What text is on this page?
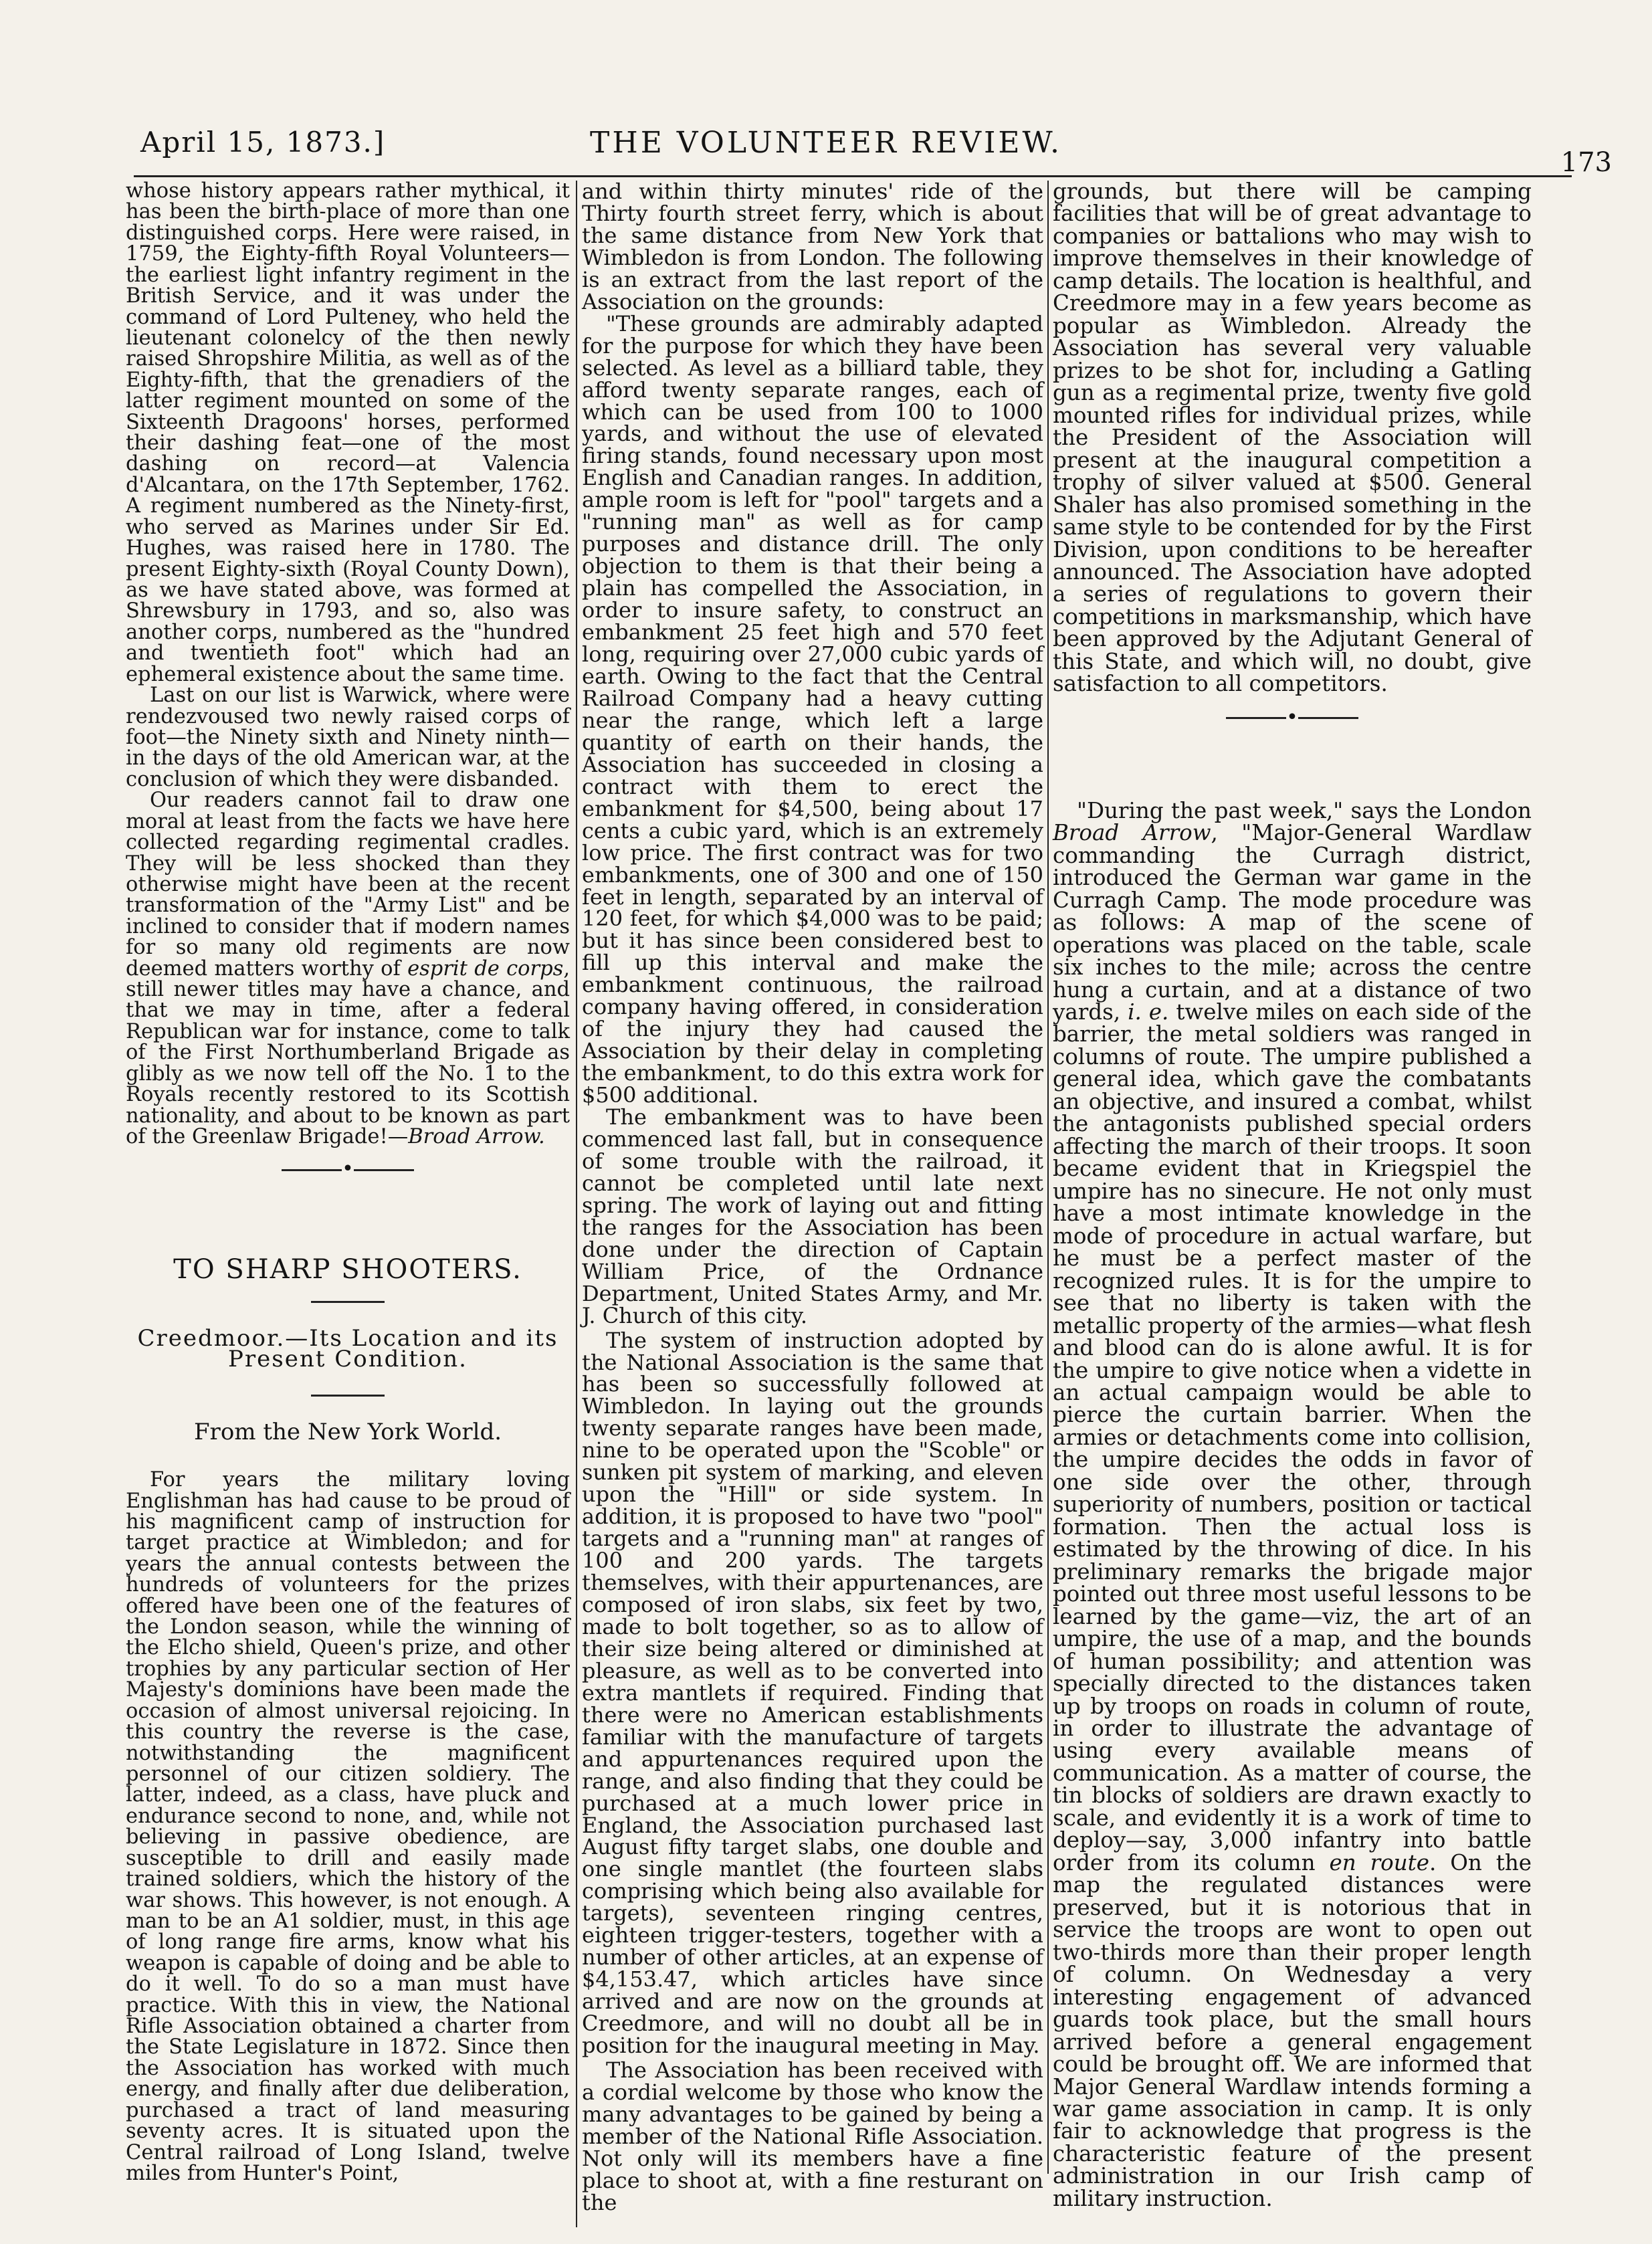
April 15, 1873.]	THE VOLUNTEER REVIEW.
173

whose history appears rather mythical, it has been the birth-place of more than one distinguished corps. Here were raised, in 1759, the Eighty-fifth Royal Volunteers—the earliest light infantry regiment in the British Service, and it was under the command of Lord Pulteney, who held the lieutenant colonelcy of the then newly raised Shropshire Militia, as well as of the Eighty-fifth, that the grenadiers of the latter regiment mounted on some of the Sixteenth Dragoons' horses, performed their dashing feat—one of the most dashing on record—at Valencia d'Alcantara, on the 17th September, 1762. A regiment numbered as the Ninety-first, who served as Marines under Sir Ed. Hughes, was raised here in 1780. The present Eighty-sixth (Royal County Down), as we have stated above, was formed at Shrewsbury in 1793, and so, also was another corps, numbered as the "hundred and twentieth foot" which had an ephemeral existence about the same time.

Last on our list is Warwick, where were rendezvoused two newly raised corps of foot—the Ninety sixth and Ninety ninth—in the days of the old American war, at the conclusion of which they were disbanded.

Our readers cannot fail to draw one moral at least from the facts we have here collected regarding regimental cradles. They will be less shocked than they otherwise might have been at the recent transformation of the "Army List" and be inclined to consider that if modern names for so many old regiments are now deemed matters worthy of esprit de corps, still newer titles may have a chance, and that we may in time, after a federal Republican war for instance, come to talk of the First Northumberland Brigade as glibly as we now tell off the No. 1 to the Royals recently restored to its Scottish nationality, and about to be known as part of the Greenlaw Brigade!—Broad Arrow.

•
TO SHARP SHOOTERS.
Creedmoor.—Its Location and its Present Condition.
From the New York World.

For years the military loving Englishman has had cause to be proud of his magnificent camp of instruction for target practice at Wimbledon; and for years the annual contests between the hundreds of volunteers for the prizes offered have been one of the features of the London season, while the winning of the Elcho shield, Queen's prize, and other trophies by any particular section of Her Majesty's dominions have been made the occasion of almost universal rejoicing. In this country the reverse is the case, notwithstanding the magnificent personnel of our citizen soldiery. The latter, indeed, as a class, have pluck and endurance second to none, and, while not believing in passive obedience, are susceptible to drill and easily made trained soldiers, which the history of the war shows. This however, is not enough. A man to be an A1 soldier, must, in this age of long range fire arms, know what his weapon is capable of doing and be able to do it well. To do so a man must have practice. With this in view, the National Rifle Association obtained a charter from the State Legislature in 1872. Since then the Association has worked with much energy, and finally after due deliberation, purchased a tract of land measuring seventy acres. It is situated upon the Central railroad of Long Island, twelve miles from Hunter's Point,

and within thirty minutes' ride of the Thirty fourth street ferry, which is about the same distance from New York that Wimbledon is from London. The following is an extract from the last report of the Association on the grounds:

"These grounds are admirably adapted for the purpose for which they have been selected. As level as a billiard table, they afford twenty separate ranges, each of which can be used from 100 to 1000 yards, and without the use of elevated firing stands, found necessary upon most English and Canadian ranges. In addition, ample room is left for "pool" targets and a "running man" as well as for camp purposes and distance drill. The only objection to them is that their being a plain has compelled the Association, in order to insure safety, to construct an embankment 25 feet high and 570 feet long, requiring over 27,000 cubic yards of earth. Owing to the fact that the Central Railroad Company had a heavy cutting near the range, which left a large quantity of earth on their hands, the Association has succeeded in closing a contract with them to erect the embankment for $4,500, being about 17 cents a cubic yard, which is an extremely low price. The first contract was for two embankments, one of 300 and one of 150 feet in length, separated by an interval of 120 feet, for which $4,000 was to be paid; but it has since been considered best to fill up this interval and make the embankment continuous, the railroad company having offered, in consideration of the injury they had caused the Association by their delay in completing the embankment, to do this extra work for $500 additional.

The embankment was to have been commenced last fall, but in consequence of some trouble with the railroad, it cannot be completed until late next spring. The work of laying out and fitting the ranges for the Association has been done under the direction of Captain William Price, of the Ordnance Department, United States Army, and Mr. J. Church of this city.

The system of instruction adopted by the National Association is the same that has been so successfully followed at Wimbledon. In laying out the grounds twenty separate ranges have been made, nine to be operated upon the "Scoble" or sunken pit system of marking, and eleven upon the "Hill" or side system. In addition, it is proposed to have two "pool" targets and a "running man" at ranges of 100 and 200 yards. The targets themselves, with their appurtenances, are composed of iron slabs, six feet by two, made to bolt together, so as to allow of their size being altered or diminished at pleasure, as well as to be converted into extra mantlets if required. Finding that there were no American establishments familiar with the manufacture of targets and appurtenances required upon the range, and also finding that they could be purchased at a much lower price in England, the Association purchased last August fifty target slabs, one double and one single mantlet (the fourteen slabs comprising which being also available for targets), seventeen ringing centres, eighteen trigger-testers, together with a number of other articles, at an expense of $4,153.47, which articles have since arrived and are now on the grounds at Creedmore, and will no doubt all be in position for the inaugural meeting in May.

The Association has been received with a cordial welcome by those who know the many advantages to be gained by being a member of the National Rifle Association. Not only will its members have a fine place to shoot at, with a fine resturant on the

grounds, but there will be camping facilities that will be of great advantage to companies or battalions who may wish to improve themselves in their knowledge of camp details. The location is healthful, and Creedmore may in a few years become as popular as Wimbledon. Already the Association has several very valuable prizes to be shot for, including a Gatling gun as a regimental prize, twenty five gold mounted rifles for individual prizes, while the President of the Association will present at the inaugural competition a trophy of silver valued at $500. General Shaler has also promised something in the same style to be contended for by the First Division, upon conditions to be hereafter announced. The Association have adopted a series of regulations to govern their competitions in marksmanship, which have been approved by the Adjutant General of this State, and which will, no doubt, give satisfaction to all competitors.

•

"During the past week," says the London Broad Arrow, "Major-General Wardlaw commanding the Curragh district, introduced the German war game in the Curragh Camp. The mode procedure was as follows: A map of the scene of operations was placed on the table, scale six inches to the mile; across the centre hung a curtain, and at a distance of two yards, i. e. twelve miles on each side of the barrier, the metal soldiers was ranged in columns of route. The umpire published a general idea, which gave the combatants an objective, and insured a combat, whilst the antagonists published special orders affecting the march of their troops. It soon became evident that in Kriegspiel the umpire has no sinecure. He not only must have a most intimate knowledge in the mode of procedure in actual warfare, but he must be a perfect master of the recognized rules. It is for the umpire to see that no liberty is taken with the metallic property of the armies—what flesh and blood can do is alone awful. It is for the umpire to give notice when a vidette in an actual campaign would be able to pierce the curtain barrier. When the armies or detachments come into collision, the umpire decides the odds in favor of one side over the other, through superiority of numbers, position or tactical formation. Then the actual loss is estimated by the throwing of dice. In his preliminary remarks the brigade major pointed out three most useful lessons to be learned by the game—viz, the art of an umpire, the use of a map, and the bounds of human possibility; and attention was specially directed to the distances taken up by troops on roads in column of route, in order to illustrate the advantage of using every available means of communication. As a matter of course, the tin blocks of soldiers are drawn exactly to scale, and evidently it is a work of time to deploy—say, 3,000 infantry into battle order from its column en route. On the map the regulated distances were preserved, but it is notorious that in service the troops are wont to open out two-thirds more than their proper length of column. On Wednesday a very interesting engagement of advanced guards took place, but the small hours arrived before a general engagement could be brought off. We are informed that Major General Wardlaw intends forming a war game association in camp. It is only fair to acknowledge that progress is the characteristic feature of the present administration in our Irish camp of military instruction.
